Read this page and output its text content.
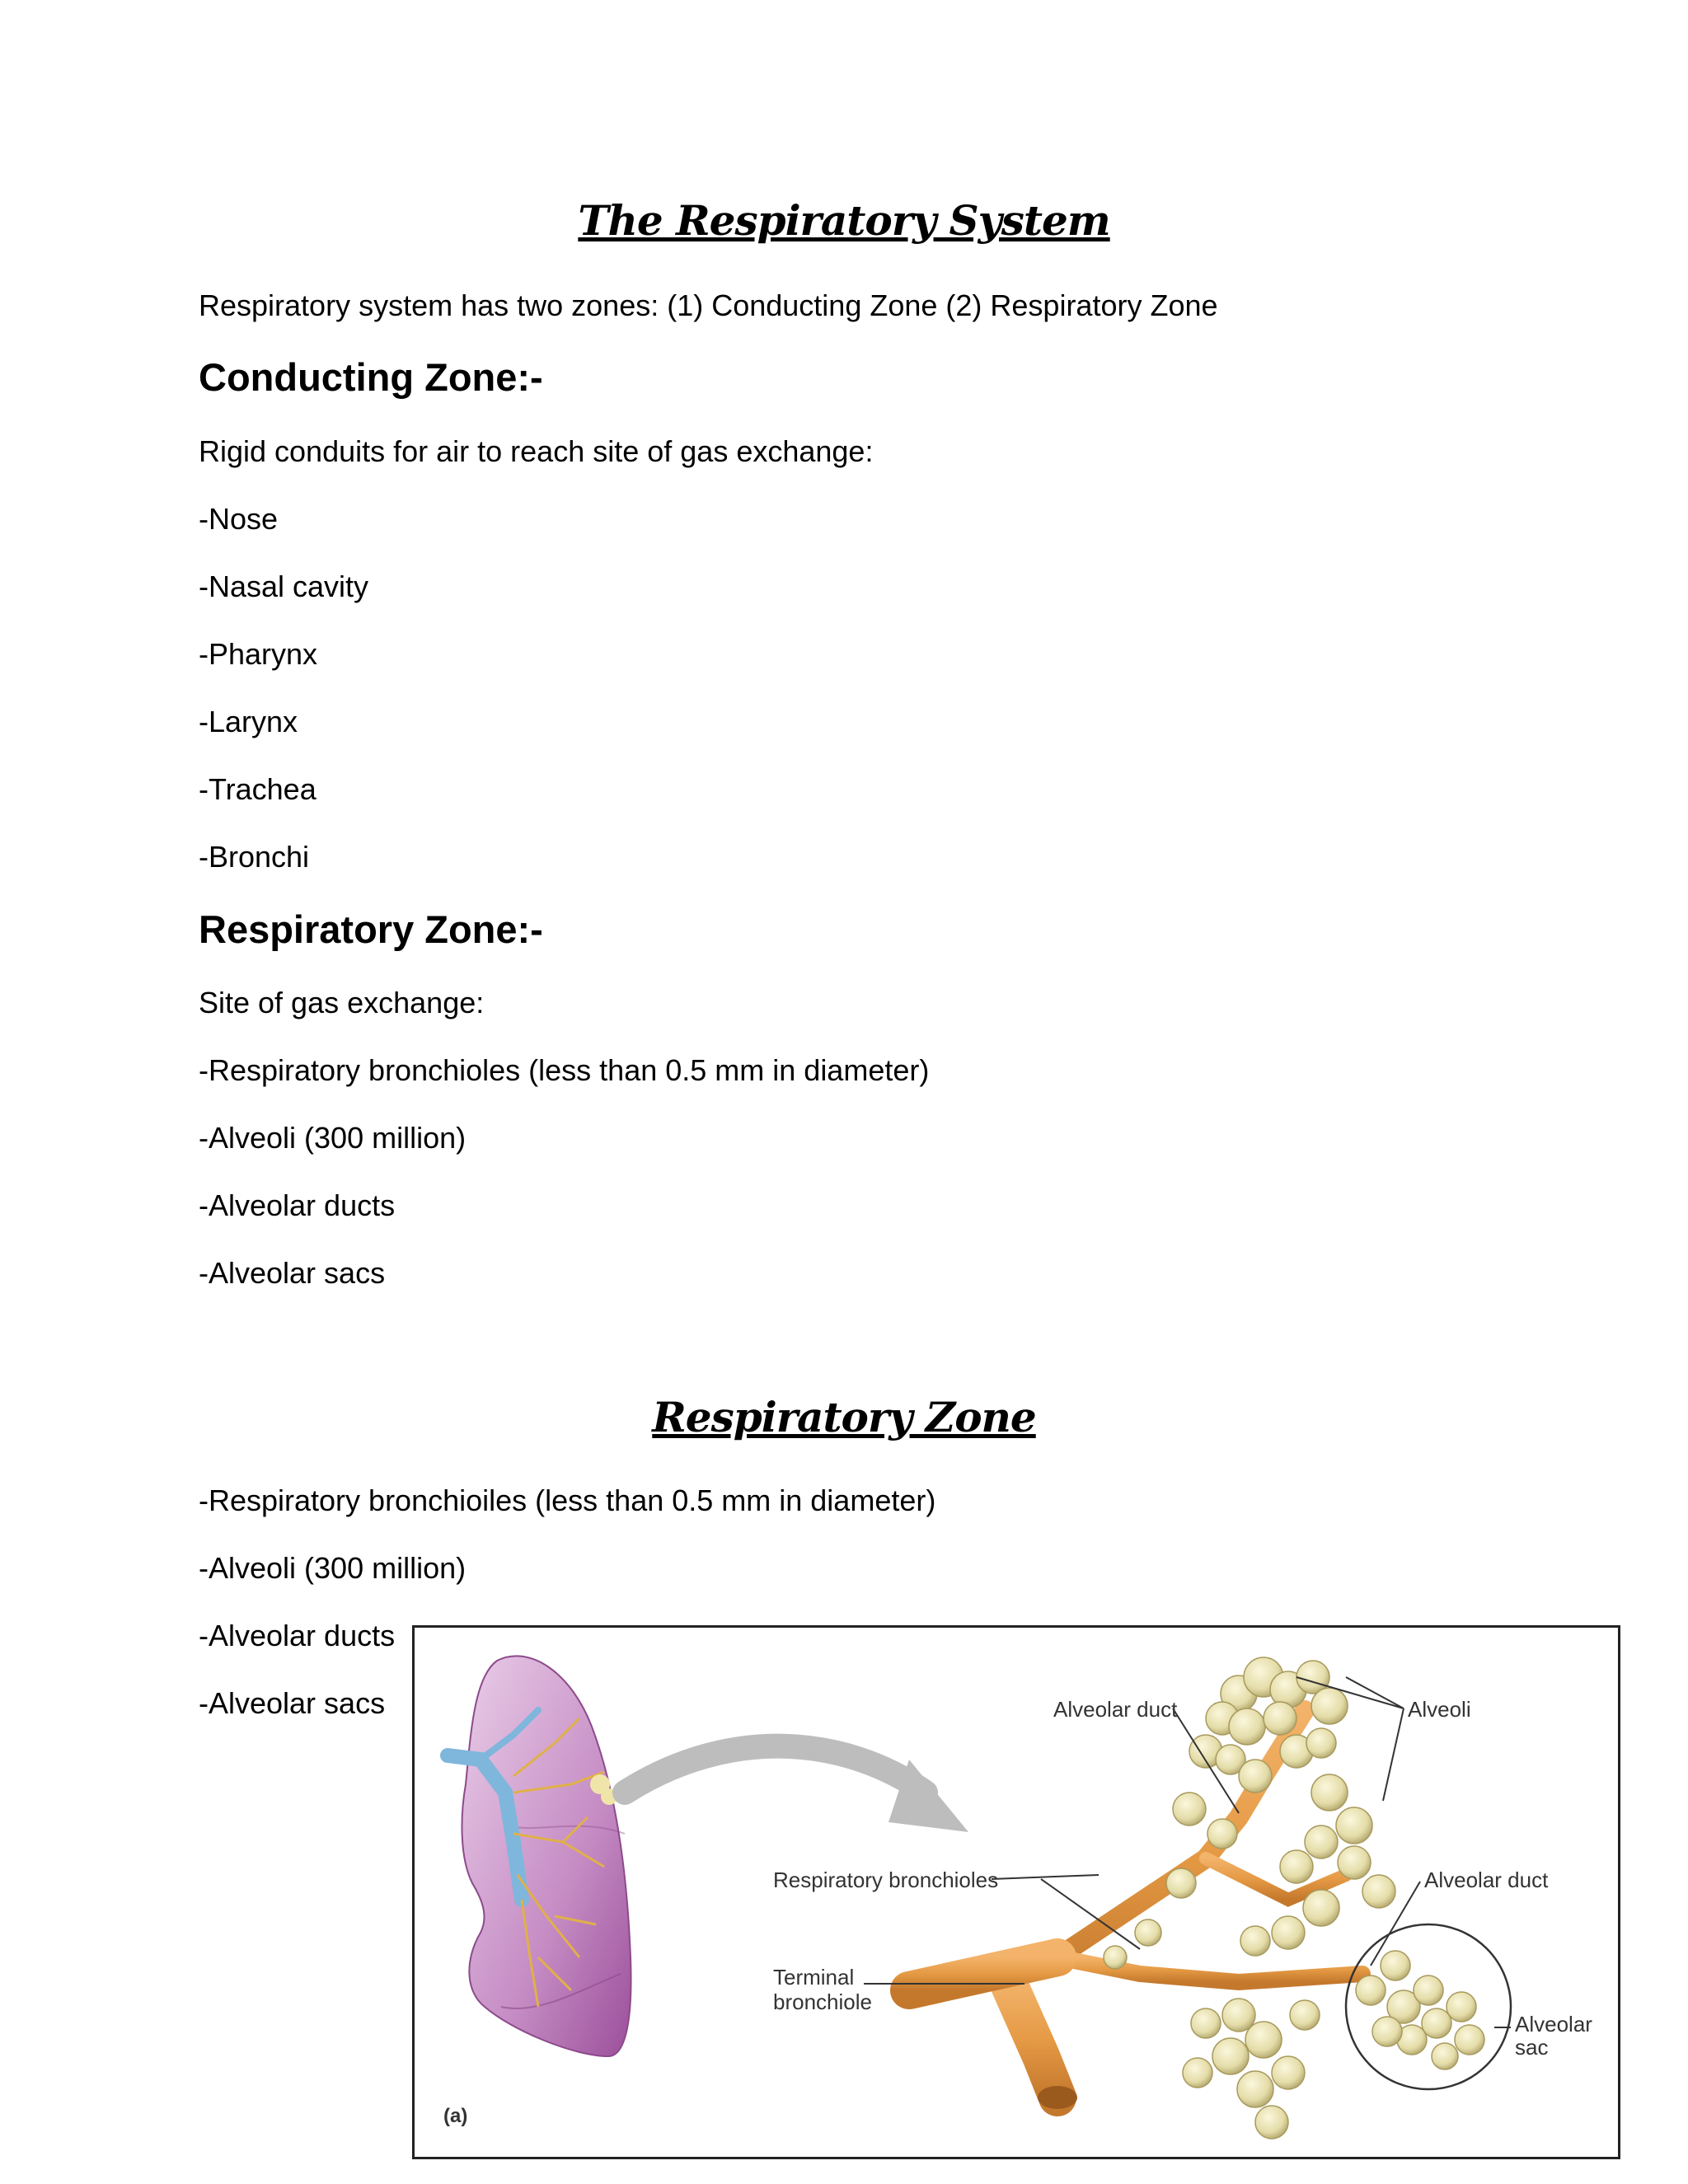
The Respiratory System

Respiratory system has two zones: (1) Conducting Zone (2) Respiratory Zone

Conducting Zone:-

Rigid conduits for air to reach site of gas exchange:

-Nose

-Nasal cavity

-Pharynx

-Larynx

-Trachea

-Bronchi

Respiratory Zone:-

Site of gas exchange:

-Respiratory bronchioles (less than 0.5 mm in diameter)

-Alveoli (300 million)

-Alveolar ducts

-Alveolar sacs

Respiratory Zone

-Respiratory bronchioiles (less than 0.5 mm in diameter)

-Alveoli (300 million)

-Alveolar ducts

-Alveolar sacs	Alveolar duct	Alveoli
Respiratory bronchioles	Alveolar duct
Terminal
bronchiole
Alveolar
sac
(a)
